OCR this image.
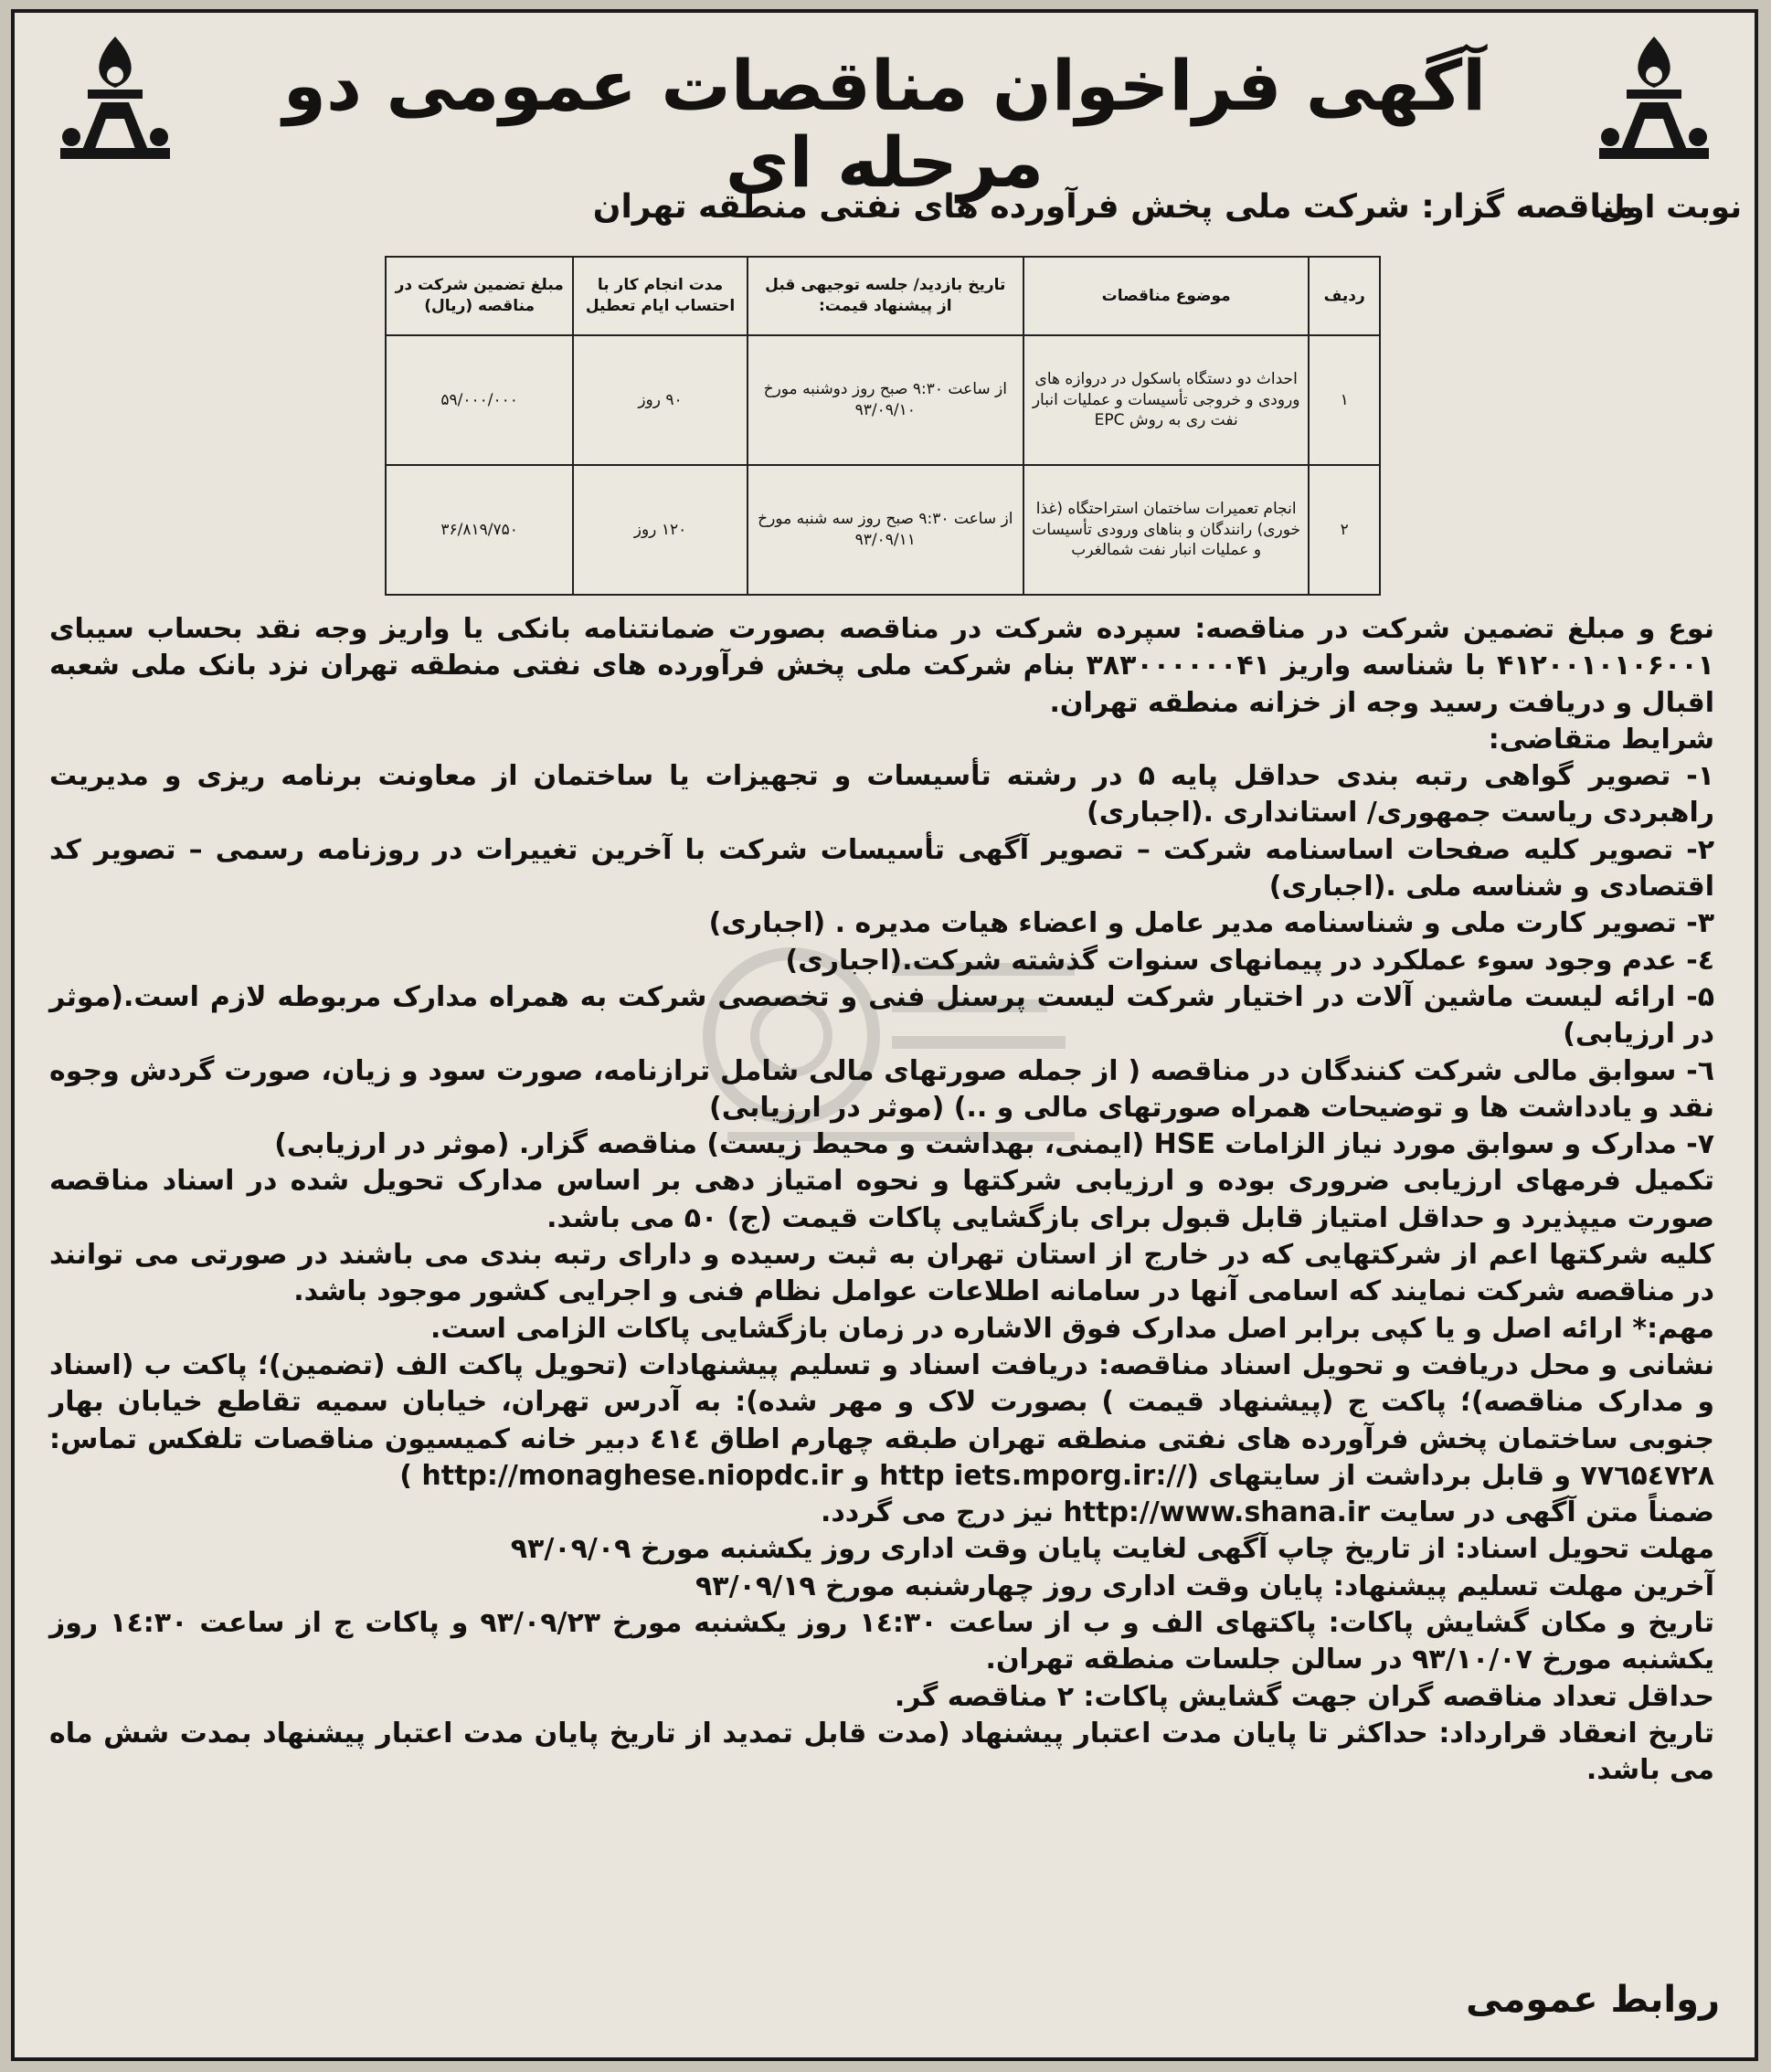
آگهی فراخوان مناقصات عمومی دو مرحله ای
نوبت اول
مناقصه گزار: شرکت ملی پخش فرآورده های نفتی منطقه تهران
ردیف	موضوع مناقصات	تاریخ بازدید/ جلسه توجیهی قبل از پیشنهاد قیمت:	مدت انجام کار با احتساب ایام تعطیل	مبلغ تضمین شرکت در مناقصه (ریال)
۱	احداث دو دستگاه باسکول در دروازه های ورودی و خروجی تأسیسات و عملیات انبار نفت ری به روش EPC	از ساعت ۹:۳۰ صبح روز دوشنبه مورخ ۹۳/۰۹/۱۰	۹۰ روز	۵۹/۰۰۰/۰۰۰
۲	انجام تعمیرات ساختمان استراحتگاه (غذا خوری) رانندگان و بناهای ورودی تأسیسات و عملیات انبار نفت شمالغرب	از ساعت ۹:۳۰ صبح روز سه شنبه مورخ ۹۳/۰۹/۱۱	۱۲۰ روز	۳۶/۸۱۹/۷۵۰

نوع و مبلغ تضمین شرکت در مناقصه: سپرده شرکت در مناقصه بصورت ضمانتنامه بانکی یا واریز وجه نقد بحساب سیبای ۴۱۲۰۰۱۰۱۰۶۰۰۱ با شناسه واریز ۳۸۳۰۰۰۰۰۰۴۱ بنام شرکت ملی پخش فرآورده های نفتی منطقه تهران نزد بانک ملی شعبه اقبال و دریافت رسید وجه از خزانه منطقه تهران.

شرایط متقاضی:

۱- تصویر گواهی رتبه بندی حداقل پایه ۵ در رشته تأسیسات و تجهیزات یا ساختمان از معاونت برنامه ریزی و مدیریت راهبردی ریاست جمهوری/ استانداری .(اجباری)

۲- تصویر کلیه صفحات اساسنامه شرکت – تصویر آگهی تأسیسات شرکت با آخرین تغییرات در روزنامه رسمی – تصویر کد اقتصادی و شناسه ملی .(اجباری)

۳- تصویر کارت ملی و شناسنامه مدیر عامل و اعضاء هیات مدیره . (اجباری)

٤- عدم وجود سوء عملکرد در پیمانهای سنوات گذشته شرکت.(اجباری)

۵- ارائه لیست ماشین آلات در اختیار شرکت لیست پرسنل فنی و تخصصی شرکت به همراه مدارک مربوطه لازم است.(موثر در ارزیابی)

٦- سوابق مالی شرکت کنندگان در مناقصه ( از جمله صورتهای مالی شامل ترازنامه، صورت سود و زیان، صورت گردش وجوه نقد و یادداشت ها و توضیحات همراه صورتهای مالی و ..) (موثر در ارزیابی)

۷- مدارک و سوابق مورد نیاز الزامات HSE (ایمنی، بهداشت و محیط زیست) مناقصه گزار. (موثر در ارزیابی)

تکمیل فرمهای ارزیابی ضروری بوده و ارزیابی شرکتها و نحوه امتیاز دهی بر اساس مدارک تحویل شده در اسناد مناقصه صورت میپذیرد و حداقل امتیاز قابل قبول برای بازگشایی پاکات قیمت (ج) ۵۰ می باشد.

کلیه شرکتها اعم از شرکتهایی که در خارج از استان تهران به ثبت رسیده و دارای رتبه بندی می باشند در صورتی می توانند در مناقصه شرکت نمایند که اسامی آنها در سامانه اطلاعات عوامل نظام فنی و اجرایی کشور موجود باشد.

مهم:* ارائه اصل و یا کپی برابر اصل مدارک فوق الاشاره در زمان بازگشایی پاکات الزامی است.

نشانی و محل دریافت و تحویل اسناد مناقصه: دریافت اسناد و تسلیم پیشنهادات (تحویل پاکت الف (تضمین)؛ پاکت ب (اسناد و مدارک مناقصه)؛ پاکت ج (پیشنهاد قیمت ) بصورت لاک و مهر شده): به آدرس تهران، خیابان سمیه تقاطع خیابان بهار جنوبی ساختمان پخش فرآورده های نفتی منطقه تهران طبقه چهارم اطاق ٤١٤ دبیر خانه کمیسیون مناقصات تلفکس تماس: ۷۷٦۵٤۷۲۸ و قابل برداشت از سایتهای (//:http iets.mporg.ir و http://monaghese.niopdc.ir )

ضمناً متن آگهی در سایت http://www.shana.ir نیز درج می گردد.

مهلت تحویل اسناد: از تاریخ چاپ آگهی لغایت پایان وقت اداری روز یکشنبه مورخ ۹۳/۰۹/۰۹

آخرین مهلت تسلیم پیشنهاد: پایان وقت اداری روز چهارشنبه مورخ ۹۳/۰۹/۱۹

تاریخ و مکان گشایش پاکات: پاکتهای الف و ب از ساعت ۱٤:۳۰ روز یکشنبه مورخ ۹۳/۰۹/۲۳ و پاکات ج از ساعت ۱٤:۳۰ روز یکشنبه مورخ ۹۳/۱۰/۰۷ در سالن جلسات منطقه تهران.

حداقل تعداد مناقصه گران جهت گشایش پاکات: ۲ مناقصه گر.

تاریخ انعقاد قرارداد: حداکثر تا پایان مدت اعتبار پیشنهاد (مدت قابل تمدید از تاریخ پایان مدت اعتبار پیشنهاد بمدت شش ماه می باشد.

روابط عمومی
